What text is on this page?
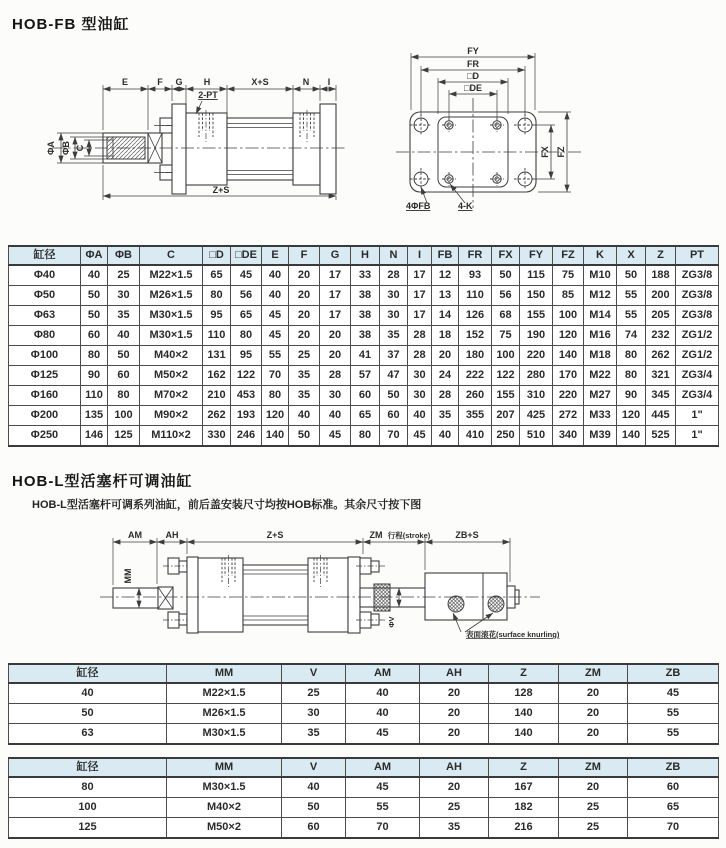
HOB-FB 型油缸
E	F G H	X+S	N I
2-PT
ΦA ΦB C
Z+S
FY
FR
□D
□DE
FX FZ
4ΦFB	4-K
缸径	ΦA	ΦB	C	□D	□DE	E	F	G	H	N	I	FB	FR	FX	FY	FZ	K	X	Z	PT
Φ40	40	25	M22×1.5	65	45	40	20	17	33	28	17	12	93	50	115	75	M10	50	188	ZG3/8
Φ50	50	30	M26×1.5	80	56	40	20	17	38	30	17	13	110	56	150	85	M12	55	200	ZG3/8
Φ63	50	35	M30×1.5	95	65	45	20	17	38	30	17	14	126	68	155	100	M14	55	205	ZG3/8
Φ80	60	40	M30×1.5	110	80	45	20	20	38	35	28	18	152	75	190	120	M16	74	232	ZG1/2
Φ100	80	50	M40×2	131	95	55	25	20	41	37	28	20	180	100	220	140	M18	80	262	ZG1/2
Φ125	90	60	M50×2	162	122	70	35	28	57	47	30	24	222	122	280	170	M22	80	321	ZG3/4
Φ160	110	80	M70×2	210	453	80	35	30	60	50	30	28	260	155	310	220	M27	90	345	ZG3/4
Φ200	135	100	M90×2	262	193	120	40	40	65	60	40	35	355	207	425	272	M33	120	445	1"
Φ250	146	125	M110×2	330	246	140	50	45	80	70	45	40	410	250	510	340	M39	140	525	1"
HOB-L型活塞杆可调油缸
HOB-L型活塞杆可调系列油缸，前后盖安装尺寸均按HOB标准。其余尺寸按下图
MM
ΦV
AM	AH	Z+S	ZM 行程(stroke)	ZB+S
表面滚花(surface knurling)
缸径	MM	V	AM	AH	Z	ZM	ZB
40	M22×1.5	25	40	20	128	20	45
50	M26×1.5	30	40	20	140	20	55
63	M30×1.5	35	45	20	140	20	55
缸径	MM	V	AM	AH	Z	ZM	ZB
80	M30×1.5	40	45	20	167	20	60
100	M40×2	50	55	25	182	25	65
125	M50×2	60	70	35	216	25	70
